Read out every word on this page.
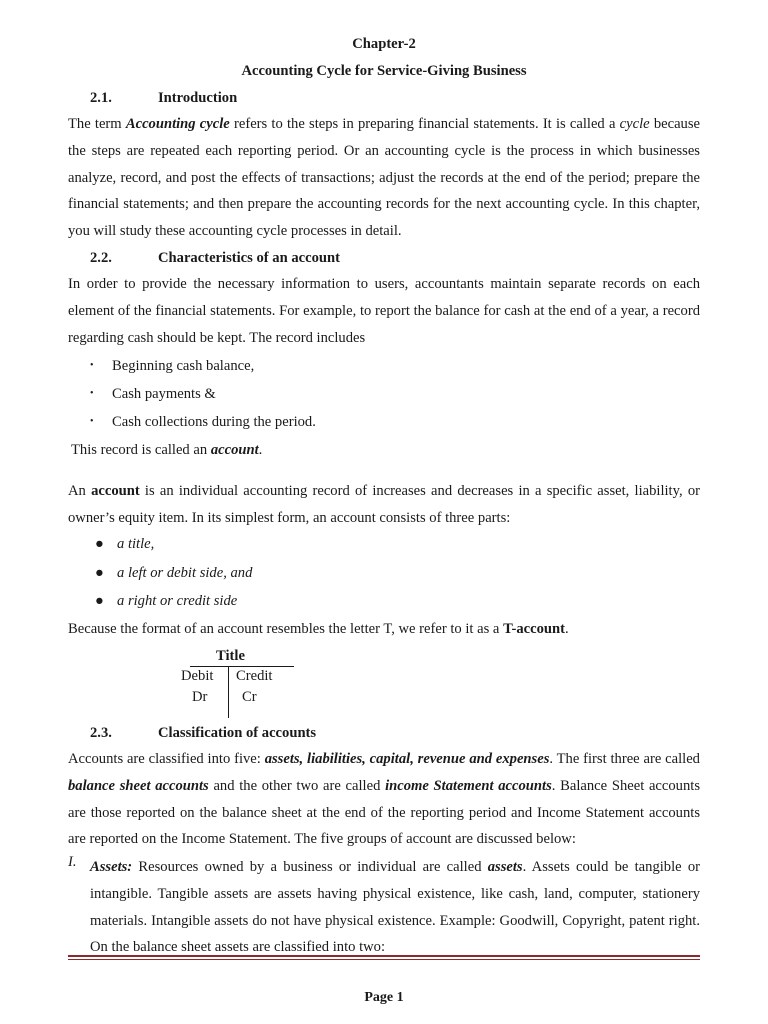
Chapter-2
Accounting Cycle for Service-Giving Business
2.1.	Introduction
The term Accounting cycle refers to the steps in preparing financial statements. It is called a cycle because the steps are repeated each reporting period. Or an accounting cycle is the process in which businesses analyze, record, and post the effects of transactions; adjust the records at the end of the period; prepare the financial statements; and then prepare the accounting records for the next accounting cycle. In this chapter, you will study these accounting cycle processes in detail.
2.2.	Characteristics of an account
In order to provide the necessary information to users, accountants maintain separate records on each element of the financial statements. For example, to report the balance for cash at the end of a year, a record regarding cash should be kept. The record includes
• Beginning cash balance,
• Cash payments &
• Cash collections during the period.
This record is called an account.
An account is an individual accounting record of increases and decreases in a specific asset, liability, or owner’s equity item. In its simplest form, an account consists of three parts:
● a title,
● a left or debit side, and
● a right or credit side
Because the format of an account resembles the letter T, we refer to it as a T-account.
Title
Debit Credit
Dr Cr
2.3.	Classification of accounts
Accounts are classified into five: assets, liabilities, capital, revenue and expenses. The first three are called balance sheet accounts and the other two are called income Statement accounts. Balance Sheet accounts are those reported on the balance sheet at the end of the reporting period and Income Statement accounts are reported on the Income Statement. The five groups of account are discussed below:
I. Assets: Resources owned by a business or individual are called assets. Assets could be tangible or intangible. Tangible assets are assets having physical existence, like cash, land, computer, stationery materials. Intangible assets do not have physical existence. Example: Goodwill, Copyright, patent right. On the balance sheet assets are classified into two:
Page 1
